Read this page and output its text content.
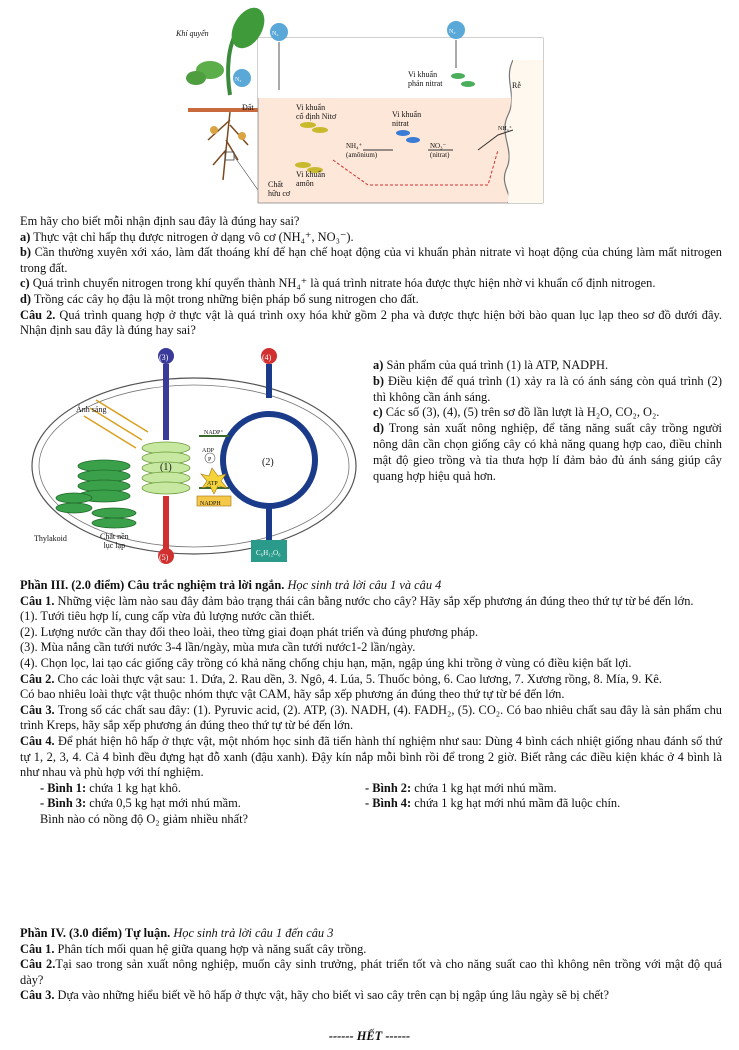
Khí quyển
Đất
N₂
N₂
N₂
Vi khuẩn
phản nitrat	Rễ
Vi khuẩn
cố định Nitơ	Vi khuẩn
nitrat
NH₄⁺
(amônium)
NO₃⁻
(nitrat)
Vi khuẩn
amôn
Chất
hữu cơ
NH₄⁺

Em hãy cho biết mỗi nhận định sau đây là đúng hay sai?

a) Thực vật chỉ hấp thụ được nitrogen ở dạng vô cơ (NH₄⁺, NO₃⁻).

b) Cần thường xuyên xới xáo, làm đất thoáng khí để hạn chế hoạt động của vi khuẩn phản nitrate vì hoạt động của chúng làm mất nitrogen trong đất.

c) Quá trình chuyển nitrogen trong khí quyển thành NH₄⁺ là quá trình nitrate hóa được thực hiện nhờ vi khuẩn cố định nitrogen.

d) Trồng các cây họ đậu là một trong những biện pháp bổ sung nitrogen cho đất.

Câu 2. Quá trình quang hợp ở thực vật là quá trình oxy hóa khử gồm 2 pha và được thực hiện bởi bào quan lục lạp theo sơ đồ dưới đây. Nhận định sau đây là đúng hay sai?

Ánh sáng
Thylakoid	Chất nền
lục lạp
(3)	(4)
(5)
(1)	(2)
NADP⁺
ADP
P
ATP
NADPH
C₆H₁₂O₆

a) Sản phẩm của quá trình (1) là ATP, NADPH.

b) Điều kiện để quá trình (1) xảy ra là có ánh sáng còn quá trình (2) thì không cần ánh sáng.

c) Các số (3), (4), (5) trên sơ đồ lần lượt là H₂O, CO₂, O₂.

d) Trong sản xuất nông nghiệp, để tăng năng suất cây trồng người nông dân cần chọn giống cây có khả năng quang hợp cao, điều chỉnh mật độ gieo trồng và tỉa thưa hợp lí đảm bảo đủ ánh sáng giúp cây quang hợp hiệu quả hơn.

Phần III. (2.0 điểm) Câu trắc nghiệm trả lời ngắn. Học sinh trả lời câu 1 và câu 4

Câu 1. Những việc làm nào sau đây đảm bảo trạng thái cân bằng nước cho cây? Hãy sắp xếp phương án đúng theo thứ tự từ bé đến lớn.

(1). Tưới tiêu hợp lí, cung cấp vừa đủ lượng nước cần thiết.

(2). Lượng nước cần thay đổi theo loài, theo từng giai đoạn phát triển và đúng phương pháp.

(3). Mùa nắng cần tưới nước 3-4 lần/ngày, mùa mưa cần tưới nước1-2 lần/ngày.

(4). Chọn lọc, lai tạo các giống cây trồng có khả năng chống chịu hạn, mặn, ngập úng khi trồng ở vùng có điều kiện bất lợi.

Câu 2. Cho các loài thực vật sau: 1. Dứa, 2. Rau dền, 3. Ngô, 4. Lúa, 5. Thuốc bỏng, 6. Cao lương, 7. Xương rồng, 8. Mía, 9. Kê.

Có bao nhiêu loài thực vật thuộc nhóm thực vật CAM, hãy sắp xếp phương án đúng theo thứ tự từ bé đến lớn.

Câu 3. Trong số các chất sau đây: (1). Pyruvic acid, (2). ATP, (3). NADH, (4). FADH₂, (5). CO₂. Có bao nhiêu chất sau đây là sản phẩm chu trình Kreps, hãy sắp xếp phương án đúng theo thứ tự từ bé đến lớn.

Câu 4. Để phát hiện hô hấp ở thực vật, một nhóm học sinh đã tiến hành thí nghiệm như sau: Dùng 4 bình cách nhiệt giống nhau đánh số thứ tự 1, 2, 3, 4. Cả 4 bình đều đựng hạt đỗ xanh (đậu xanh). Đậy kín nắp mỗi bình rồi để trong 2 giờ. Biết rằng các điều kiện khác ở 4 bình là như nhau và phù hợp với thí nghiệm.

- Bình 1: chứa 1 kg hạt khô.	- Bình 2: chứa 1 kg hạt mới nhú mầm.
- Bình 3: chứa 0,5 kg hạt mới nhú mầm.	- Bình 4: chứa 1 kg hạt mới nhú mầm đã luộc chín.

Bình nào có nồng độ O₂ giảm nhiều nhất?

Phần IV. (3.0 điểm) Tự luận. Học sinh trả lời câu 1 đến câu 3

Câu 1. Phân tích mối quan hệ giữa quang hợp và năng suất cây trồng.

Câu 2.Tại sao trong sản xuất nông nghiệp, muốn cây sinh trưởng, phát triển tốt và cho năng suất cao thì không nên trồng với mật độ quá dày?

Câu 3. Dựa vào những hiểu biết về hô hấp ở thực vật, hãy cho biết vì sao cây trên cạn bị ngập úng lâu ngày sẽ bị chết?

------ HẾT ------
